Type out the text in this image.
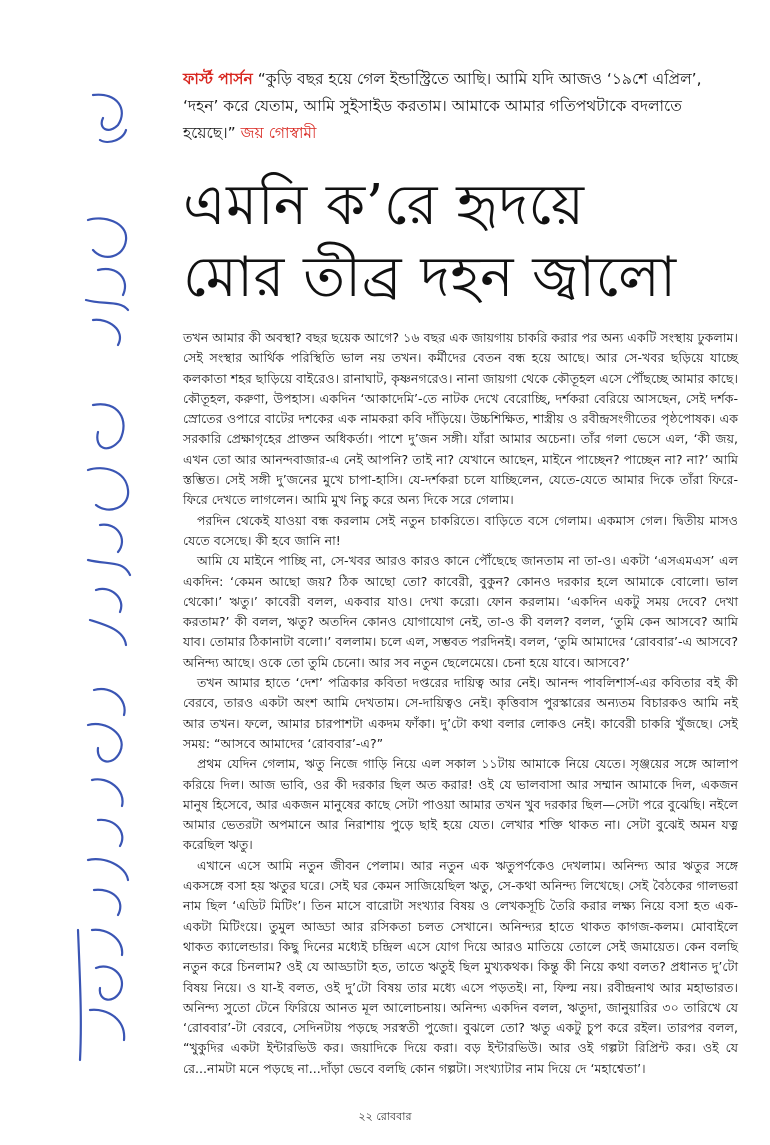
ফার্স্ট পার্সন “কুড়ি বছর হয়ে গেল ইন্ডাস্ট্রিতে আছি। আমি যদি আজও ‘১৯শে এপ্রিল’, ‘দহন’ করে যেতাম, আমি সুইসাইড করতাম। আমাকে আমার গতিপথটাকে বদলাতে হয়েছে।” জয় গোস্বামী
এমনি ক’রে হৃদয়ে
মোর তীব্র দহন জ্বালো

তখন আমার কী অবস্থা? বছর ছয়েক আগে? ১৬ বছর এক জায়গায় চাকরি করার পর অন্য একটি সংস্থায় ঢুকলাম। সেই সংস্থার আর্থিক পরিস্থিতি ভাল নয় তখন। কর্মীদের বেতন বন্ধ হয়ে আছে। আর সে-খবর ছড়িয়ে যাচ্ছে কলকাতা শহর ছাড়িয়ে বাইরেও। রানাঘাট, কৃষ্ণনগরেও। নানা জায়গা থেকে কৌতূহল এসে পৌঁছচ্ছে আমার কাছে। কৌতূহল, করুণা, উপহাস। একদিন ‘আকাদেমি’-তে নাটক দেখে বেরোচ্ছি, দর্শকরা বেরিয়ে আসছেন, সেই দর্শক-স্রোতের ওপারে বাটের দশকের এক নামকরা কবি দাঁড়িয়ে। উচ্চশিক্ষিত, শাস্ত্রীয় ও রবীন্দ্রসংগীতের পৃষ্ঠপোষক। এক সরকারি প্রেক্ষাগৃহের প্রাক্তন অধিকর্তা। পাশে দু’জন সঙ্গী। যাঁরা আমার অচেনা। তাঁর গলা ভেসে এল, ‘কী জয়, এখন তো আর আনন্দবাজার-এ নেই আপনি? তাই না? যেখানে আছেন, মাইনে পাচ্ছেন? পাচ্ছেন না? না?’ আমি স্তম্ভিত। সেই সঙ্গী দু’জনের মুখে চাপা-হাসি। যে-দর্শকরা চলে যাচ্ছিলেন, যেতে-যেতে আমার দিকে তাঁরা ফিরে-ফিরে দেখতে লাগলেন। আমি মুখ নিচু করে অন্য দিকে সরে গেলাম।

পরদিন থেকেই যাওয়া বন্ধ করলাম সেই নতুন চাকরিতে। বাড়িতে বসে গেলাম। একমাস গেল। দ্বিতীয় মাসও যেতে বসেছে। কী হবে জানি না!

আমি যে মাইনে পাচ্ছি না, সে-খবর আরও কারও কানে পৌঁছেছে জানতাম না তা-ও। একটা ‘এসএমএস’ এল একদিন: ‘কেমন আছো জয়? ঠিক আছো তো? কাবেরী, বুকুন? কোনও দরকার হলে আমাকে বোলো। ভাল থেকো।’ ঋতু।’ কাবেরী বলল, একবার যাও। দেখা করো। ফোন করলাম। ‘একদিন একটু সময় দেবে? দেখা করতাম?’ কী বলল, ঋতু? অতদিন কোনও যোগাযোগ নেই, তা-ও কী বলল? বলল, ‘তুমি কেন আসবে? আমি যাব। তোমার ঠিকানাটা বলো।’ বললাম। চলে এল, সম্ভবত পরদিনই। বলল, ‘তুমি আমাদের ‘রোববার’-এ আসবে? অনিন্দ্য আছে। ওকে তো তুমি চেনো। আর সব নতুন ছেলেমেয়ে। চেনা হয়ে যাবে। আসবে?’

তখন আমার হাতে ‘দেশ’ পত্রিকার কবিতা দপ্তরের দায়িত্ব আর নেই। আনন্দ পাবলিশার্স-এর কবিতার বই কী বেরবে, তারও একটা অংশ আমি দেখতাম। সে-দায়িত্বও নেই। কৃত্তিবাস পুরস্কারের অন্যতম বিচারকও আমি নই আর তখন। ফলে, আমার চারপাশটা একদম ফাঁকা। দু’টো কথা বলার লোকও নেই। কাবেরী চাকরি খুঁজছে। সেই সময়: “আসবে আমাদের ‘রোববার’-এ?”

প্রথম যেদিন গেলাম, ঋতু নিজে গাড়ি নিয়ে এল সকাল ১১টায় আমাকে নিয়ে যেতে। সৃঞ্জয়ের সঙ্গে আলাপ করিয়ে দিল। আজ ভাবি, ওর কী দরকার ছিল অত করার! ওই যে ভালবাসা আর সম্মান আমাকে দিল, একজন মানুষ হিসেবে, আর একজন মানুষের কাছে সেটা পাওয়া আমার তখন খুব দরকার ছিল—সেটা পরে বুঝেছি। নইলে আমার ভেতরটা অপমানে আর নিরাশায় পুড়ে ছাই হয়ে যেত। লেখার শক্তি থাকত না। সেটা বুঝেই অমন যত্ন করেছিল ঋতু।

এখানে এসে আমি নতুন জীবন পেলাম। আর নতুন এক ঋতুপর্ণকেও দেখলাম। অনিন্দ্য আর ঋতুর সঙ্গে একসঙ্গে বসা হয় ঋতুর ঘরে। সেই ঘর কেমন সাজিয়েছিল ঋতু, সে-কথা অনিন্দ্য লিখেছে। সেই বৈঠকের গালভরা নাম ছিল ‘এডিট মিটিং’। তিন মাসে বারোটা সংখ্যার বিষয় ও লেখকসূচি তৈরি করার লক্ষ্য নিয়ে বসা হত এক-একটা মিটিংয়ে। তুমুল আড্ডা আর রসিকতা চলত সেখানে। অনিন্দ্যর হাতে থাকত কাগজ-কলম। মোবাইলে থাকত ক্যালেন্ডার। কিছু দিনের মধ্যেই চন্দ্রিল এসে যোগ দিয়ে আরও মাতিয়ে তোলে সেই জমায়েত। কেন বলছি নতুন করে চিনলাম? ওই যে আড্ডাটা হত, তাতে ঋতুই ছিল মুখ্যকথক। কিন্তু কী নিয়ে কথা বলত? প্রধানত দু’টো বিষয় নিয়ে। ও যা-ই বলত, ওই দু’টো বিষয় তার মধ্যে এসে পড়তই। না, ফিল্ম নয়। রবীন্দ্রনাথ আর মহাভারত। অনিন্দ্য সুতো টেনে ফিরিয়ে আনত মূল আলোচনায়। অনিন্দ্য একদিন বলল, ঋতুদা, জানুয়ারির ৩০ তারিখে যে ‘রোববার’-টা বেরবে, সেদিনটায় পড়ছে সরস্বতী পুজো। বুঝলে তো? ঋতু একটু চুপ করে রইল। তারপর বলল, “খুকুদির একটা ইন্টারভিউ কর। জয়াদিকে দিয়ে করা। বড় ইন্টারভিউ। আর ওই গল্পটা রিপ্রিন্ট কর। ওই যে রে...নামটা মনে পড়ছে না...দাঁড়া ভেবে বলছি কোন গল্পটা। সংখ্যাটার নাম দিয়ে দে ‘মহাশ্বেতা’।

২২ রোববার
